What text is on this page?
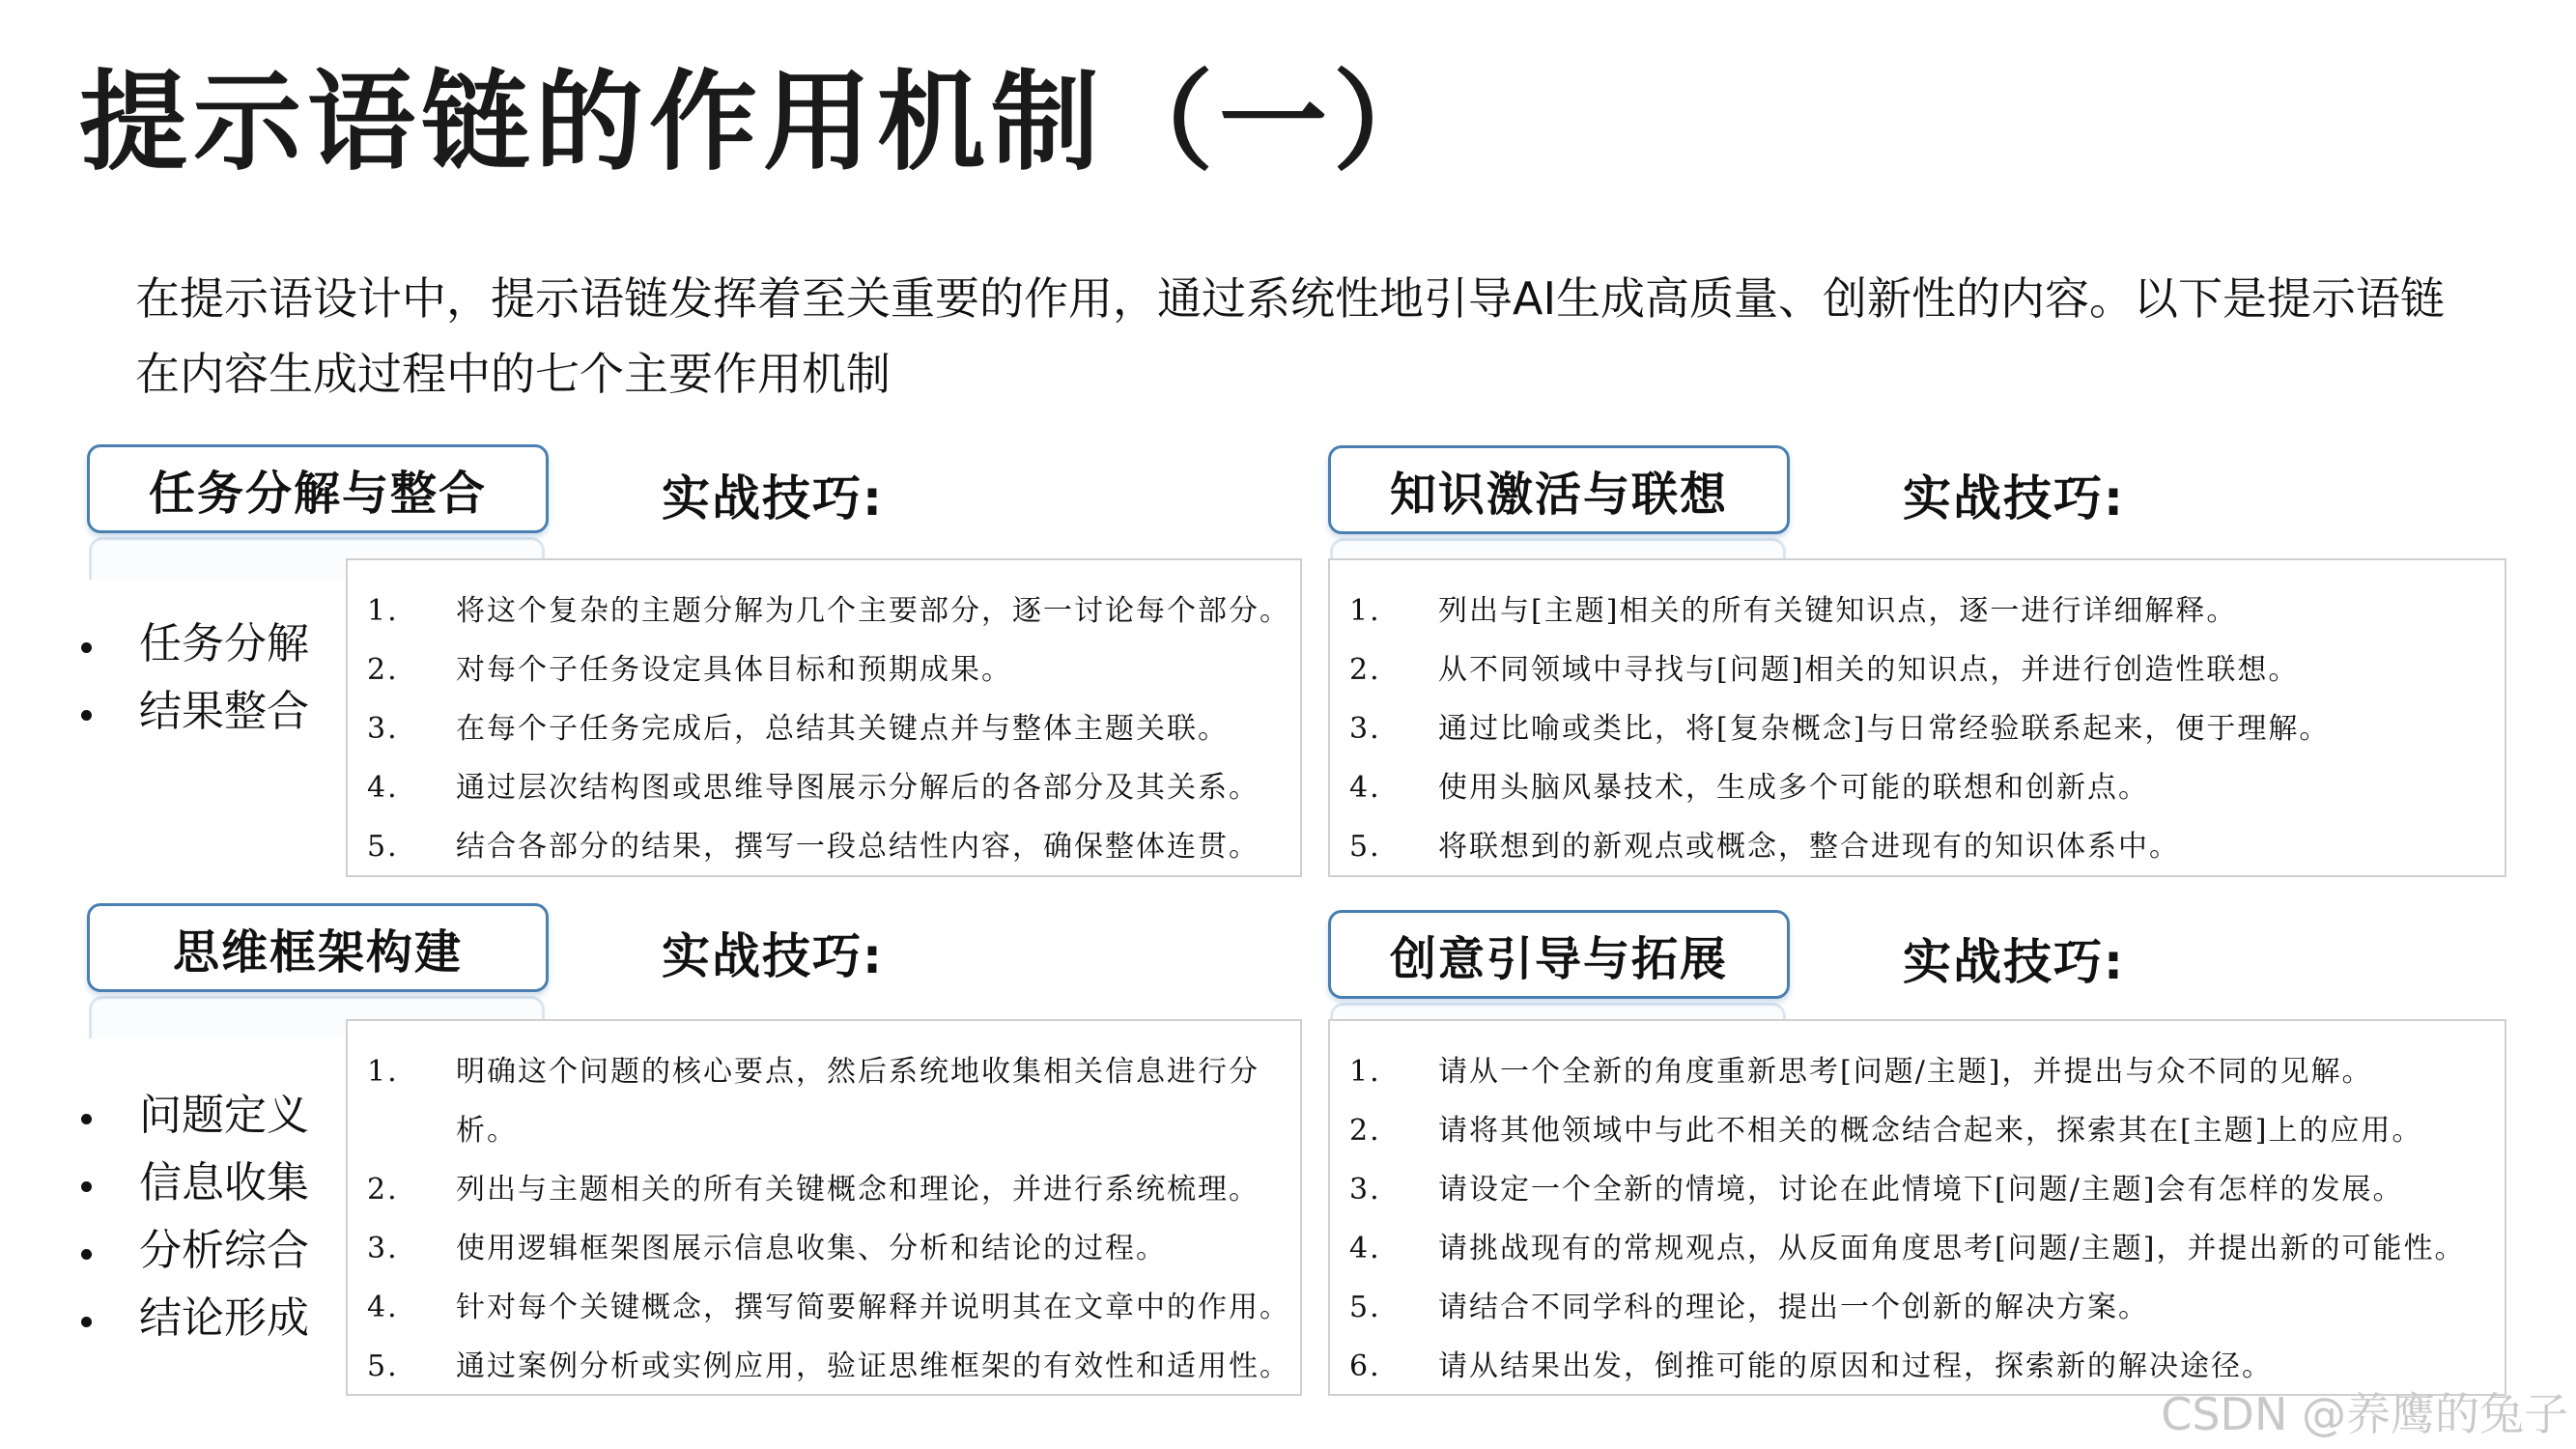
提示语链的作用机制（一）
在提示语设计中，提示语链发挥着至关重要的作用，通过系统性地引导AI生成高质量、创新性的内容。以下是提示语链在内容生成过程中的七个主要作用机制
任务分解与整合	实战技巧:
任务分解
结果整合
1.	将这个复杂的主题分解为几个主要部分，逐一讨论每个部分。
2.	对每个子任务设定具体目标和预期成果。
3.	在每个子任务完成后，总结其关键点并与整体主题关联。
4.	通过层次结构图或思维导图展示分解后的各部分及其关系。
5.	结合各部分的结果，撰写一段总结性内容，确保整体连贯。
知识激活与联想	实战技巧:
1.	列出与[主题]相关的所有关键知识点，逐一进行详细解释。
2.	从不同领域中寻找与[问题]相关的知识点，并进行创造性联想。
3.	通过比喻或类比，将[复杂概念]与日常经验联系起来，便于理解。
4.	使用头脑风暴技术，生成多个可能的联想和创新点。
5.	将联想到的新观点或概念，整合进现有的知识体系中。
思维框架构建	实战技巧:
问题定义
信息收集
分析综合
结论形成
1.	明确这个问题的核心要点，然后系统地收集相关信息进行分析。
2.	列出与主题相关的所有关键概念和理论，并进行系统梳理。
3.	使用逻辑框架图展示信息收集、分析和结论的过程。
4.	针对每个关键概念，撰写简要解释并说明其在文章中的作用。
5.	通过案例分析或实例应用，验证思维框架的有效性和适用性。
创意引导与拓展	实战技巧:
1.	请从一个全新的角度重新思考[问题/主题]，并提出与众不同的见解。
2.	请将其他领域中与此不相关的概念结合起来，探索其在[主题]上的应用。
3.	请设定一个全新的情境，讨论在此情境下[问题/主题]会有怎样的发展。
4.	请挑战现有的常规观点，从反面角度思考[问题/主题]，并提出新的可能性。
5.	请结合不同学科的理论，提出一个创新的解决方案。
6.	请从结果出发，倒推可能的原因和过程，探索新的解决途径。
CSDN @养鹰的兔子
